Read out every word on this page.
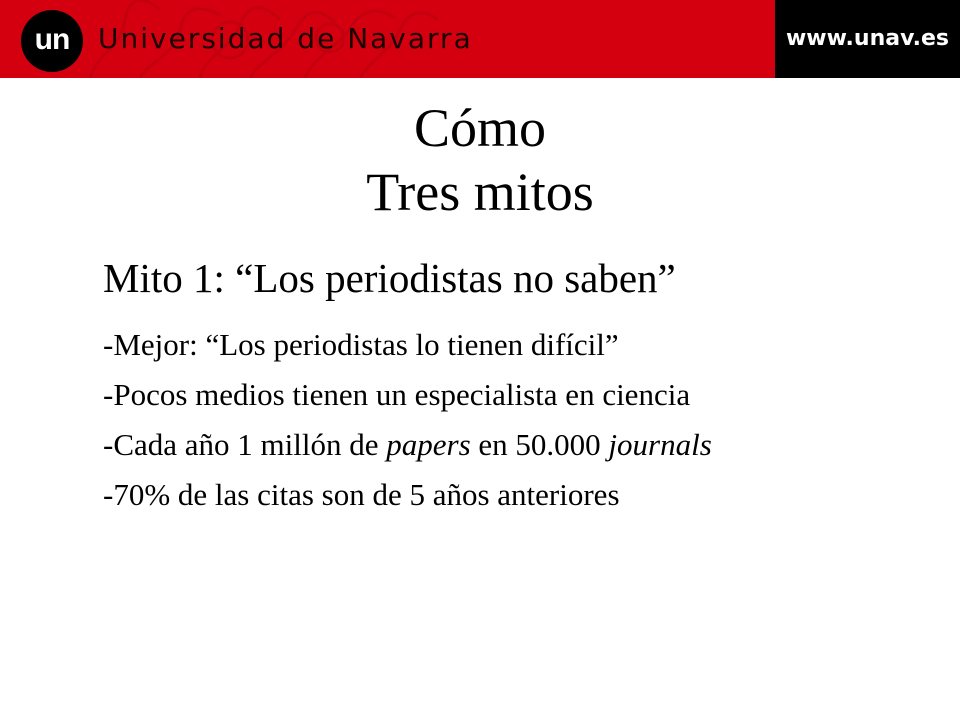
un	Universidad de Navarra	www.unav.es
Cómo
Tres mitos
Mito 1: “Los periodistas no saben”
-Mejor: “Los periodistas lo tienen difícil”
-Pocos medios tienen un especialista en ciencia
-Cada año 1 millón de papers en 50.000 journals
-70% de las citas son de 5 años anteriores
